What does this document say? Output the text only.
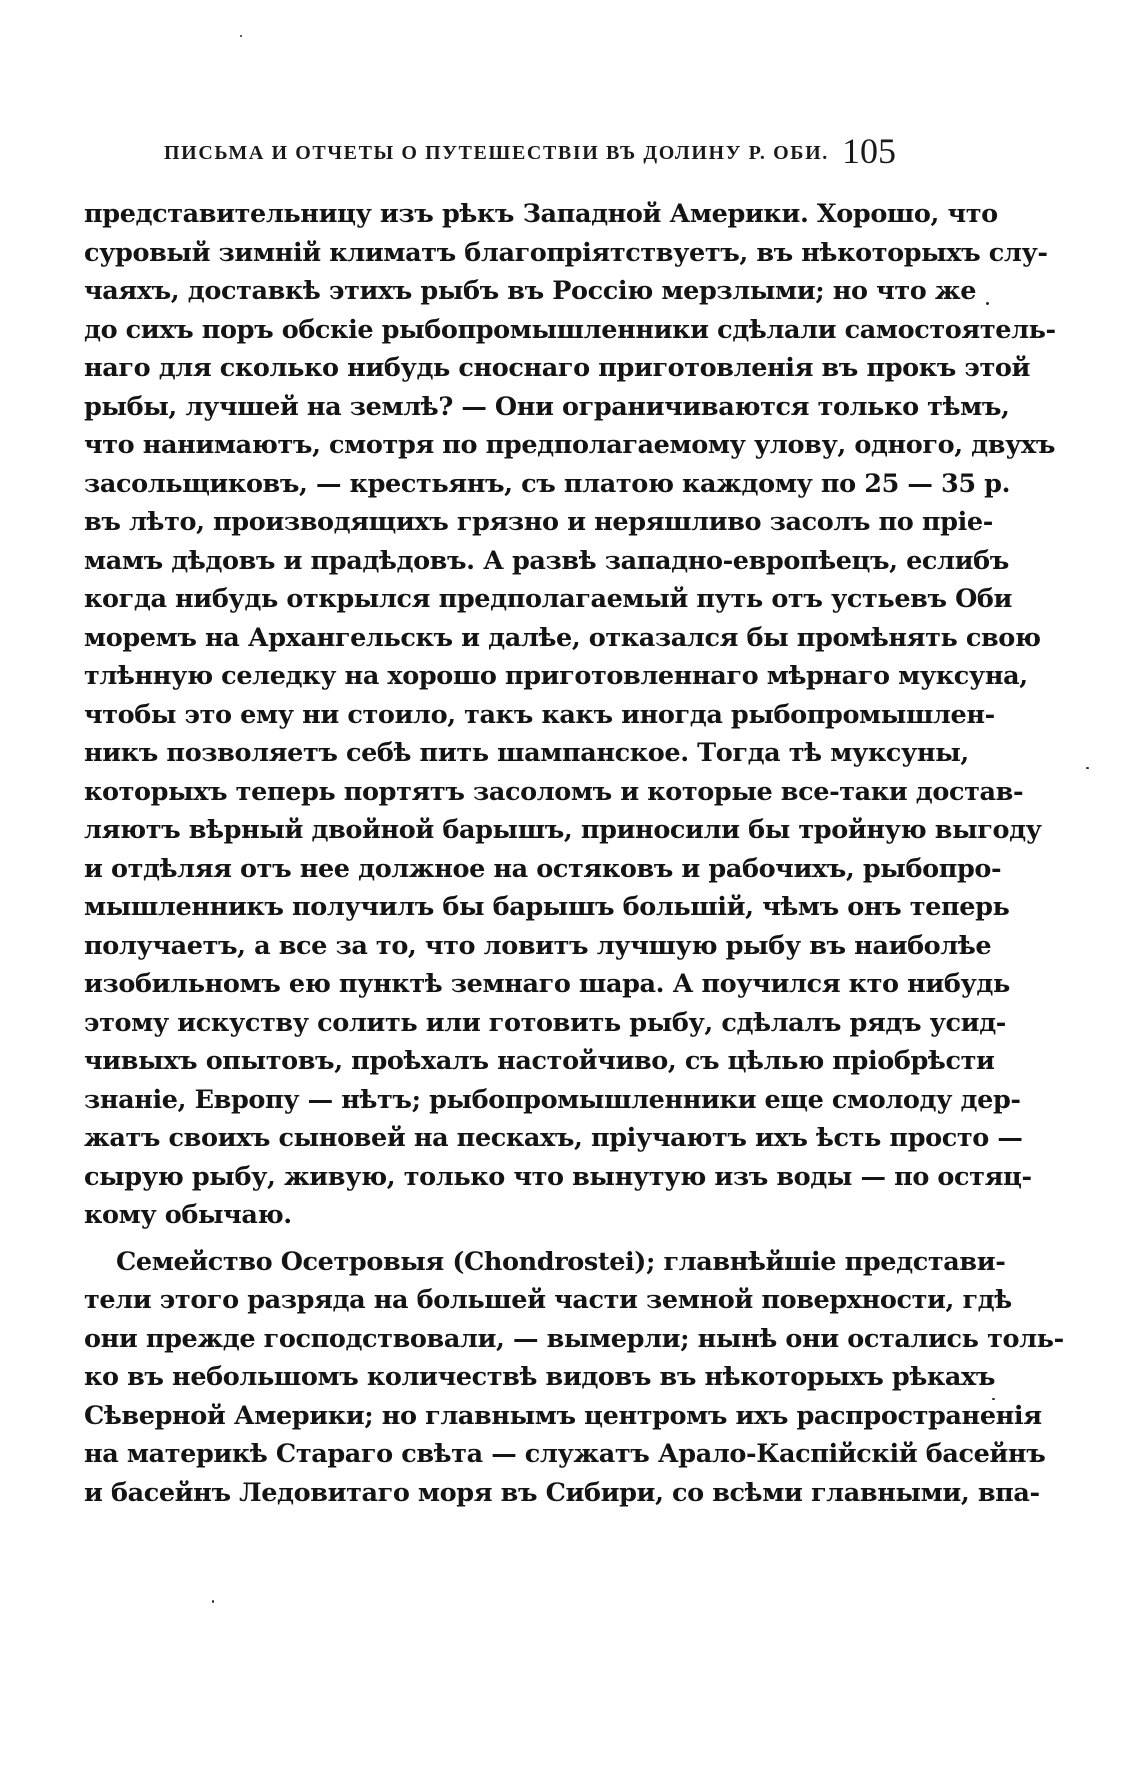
ПИСЬМА И ОТЧЕТЫ О ПУТЕШЕСТВІИ ВЪ ДОЛИНУ Р. ОБИ. 105
представительницу изъ рѣкъ Западной Америки. Хорошо, что
суровый зимній климатъ благопріятствуетъ, въ нѣкоторыхъ слу-
чаяхъ, доставкѣ этихъ рыбъ въ Россію мерзлыми; но что же
до сихъ поръ обскіе рыбопромышленники сдѣлали самостоятель-
наго для сколько нибудь сноснаго приготовленія въ прокъ этой
рыбы, лучшей на землѣ? — Они ограничиваются только тѣмъ,
что нанимаютъ, смотря по предполагаемому улову, одного, двухъ
засольщиковъ, — крестьянъ, съ платою каждому по 25 — 35 р.
въ лѣто, производящихъ грязно и неряшливо засолъ по пріе-
мамъ дѣдовъ и прадѣдовъ. А развѣ западно-европѣецъ, еслибъ
когда нибудь открылся предполагаемый путь отъ устьевъ Оби
моремъ на Архангельскъ и далѣе, отказался бы промѣнять свою
тлѣнную селедку на хорошо приготовленнаго мѣрнаго муксуна,
чтобы это ему ни стоило, такъ какъ иногда рыбопромышлен-
никъ позволяетъ себѣ пить шампанское. Тогда тѣ муксуны,
которыхъ теперь портятъ засоломъ и которые все-таки достав-
ляютъ вѣрный двойной барышъ, приносили бы тройную выгоду
и отдѣляя отъ нее должное на остяковъ и рабочихъ, рыбопро-
мышленникъ получилъ бы барышъ большій, чѣмъ онъ теперь
получаетъ, а все за то, что ловитъ лучшую рыбу въ наиболѣе
изобильномъ ею пунктѣ земнаго шара. А поучился кто нибудь
этому искуству солить или готовить рыбу, сдѣлалъ рядъ усид-
чивыхъ опытовъ, проѣхалъ настойчиво, съ цѣлью пріобрѣсти
знаніе, Европу — нѣтъ; рыбопромышленники еще смолоду дер-
жатъ своихъ сыновей на пескахъ, пріучаютъ ихъ ѣсть просто —
сырую рыбу, живую, только что вынутую изъ воды — по остяц-
кому обычаю.
Семейство Осетровыя (Chondrostei); главнѣйшіе представи-
тели этого разряда на большей части земной поверхности, гдѣ
они прежде господствовали, — вымерли; нынѣ они остались толь-
ко въ небольшомъ количествѣ видовъ въ нѣкоторыхъ рѣкахъ
Сѣверной Америки; но главнымъ центромъ ихъ распространенія
на материкѣ Стараго свѣта — служатъ Арало-Каспійскій басейнъ
и басейнъ Ледовитаго моря въ Сибири, со всѣми главными, впа-
